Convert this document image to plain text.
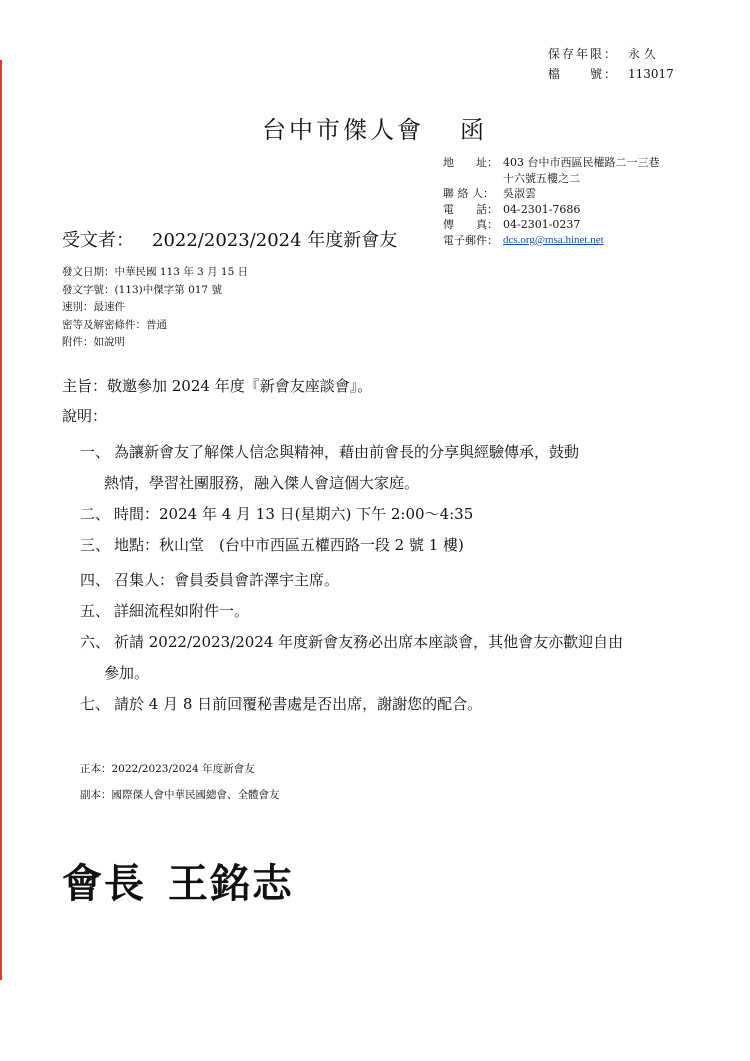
保存年限： 永 久
檔　　號： 113017
台中市傑人會 函
地　　址： 403 台中市西區民權路二一三巷
十六號五樓之二
聯 絡 人： 吳淑雲
電　　話： 04-2301-7686
傳　　真： 04-2301-0237
電子郵件： dcs.org@msa.hinet.net
受文者： 2022/2023/2024 年度新會友
發文日期：中華民國 113 年 3 月 15 日
發文字號：(113)中傑字第 017 號
速別：最速件
密等及解密條件：普通
附件：如說明
主旨：敬邀參加 2024 年度『新會友座談會』。
說明：
一、 為讓新會友了解傑人信念與精神，藉由前會長的分享與經驗傳承，鼓動
熱情，學習社團服務，融入傑人會這個大家庭。
二、 時間：2024 年 4 月 13 日(星期六) 下午 2:00～4:35
三、 地點：秋山堂　(台中市西區五權西路一段 2 號 1 樓)
四、 召集人：會員委員會許澤宇主席。
五、 詳細流程如附件一。
六、 祈請 2022/2023/2024 年度新會友務必出席本座談會，其他會友亦歡迎自由
參加。
七、 請於 4 月 8 日前回覆秘書處是否出席，謝謝您的配合。
正本：2022/2023/2024 年度新會友
副本：國際傑人會中華民國總會、全體會友
會長 王銘志
